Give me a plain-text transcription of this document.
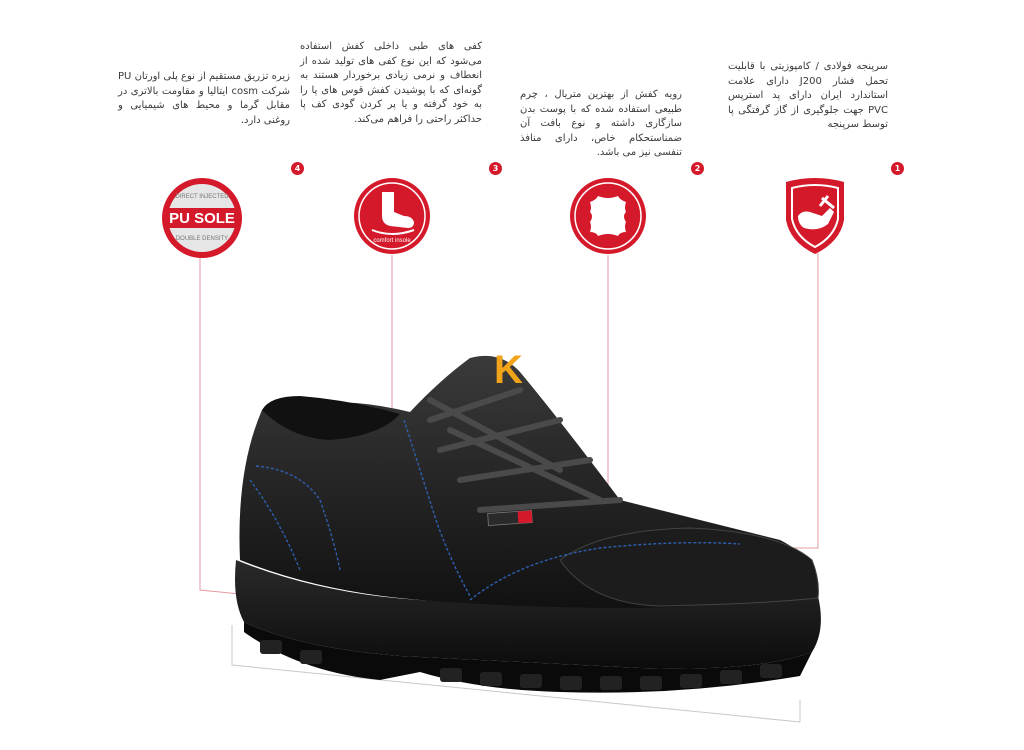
سرپنجه فولادی / کامپوزیتی با قابلیت تحمل فشار J200 دارای علامت استاندارد ایران دارای پد استرپس PVC جهت جلوگیری از گاز گرفتگی پا توسط سرپنجه
رویه کفش از بهترین متریال ، چرم طبیعی استفاده شده که با پوست بدن سازگاری داشته و نوع بافت آن ضمناستحکام خاص، دارای منافذ تنفسی نیز می باشد.
کفی های طبی داخلی کفش استفاده می‌شود که این نوع کفی های تولید شده از انعطاف و نرمی زیادی برخوردار هستند به گونه‌ای که با پوشیدن کفش قوس های پا را به خود گرفته و یا پر کردن گودی کف پا حداکثر راحتی را فراهم می‌کند.
زیره تزریق مستقیم از نوع پلی اورتان PU شرکت cosm ایتالیا و مقاومت بالاتری در مقابل گرما و محیط های شیمیایی و روغنی دارد.
1
2
3
4
comfort insole
DIRECT INJECTED
PU SOLE
DOUBLE DENSITY
K
